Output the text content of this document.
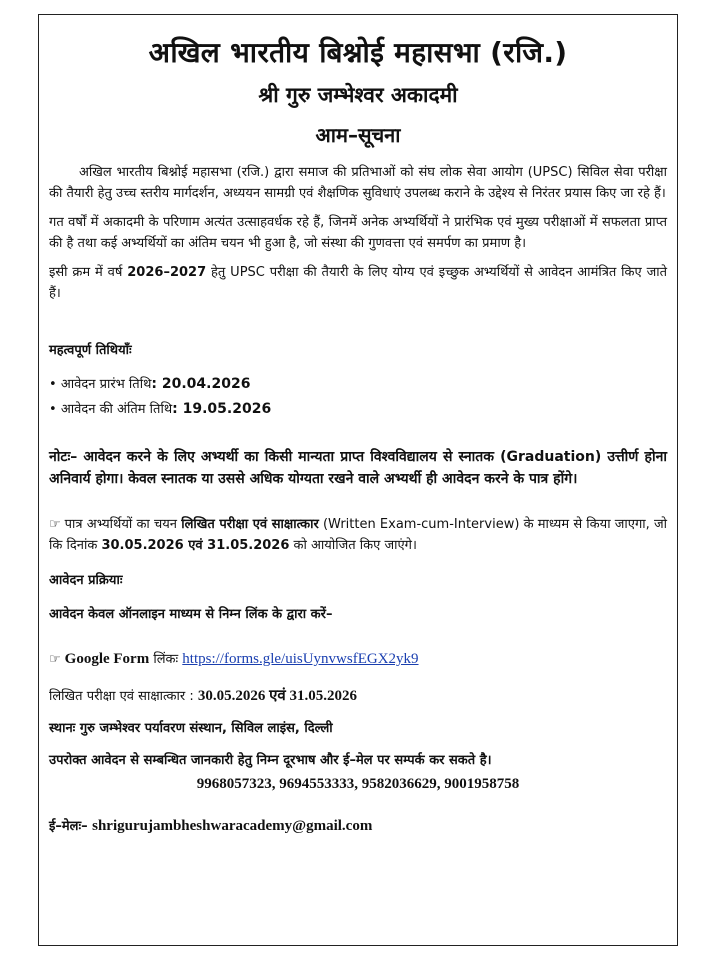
अखिल भारतीय बिश्नोई महासभा (रजि.)
श्री गुरु जम्भेश्वर अकादमी
आम–सूचना

अखिल भारतीय बिश्नोई महासभा (रजि.) द्वारा समाज की प्रतिभाओं को संघ लोक सेवा आयोग (UPSC) सिविल सेवा परीक्षा की तैयारी हेतु उच्च स्तरीय मार्गदर्शन, अध्ययन सामग्री एवं शैक्षणिक सुविधाएं उपलब्ध कराने के उद्देश्य से निरंतर प्रयास किए जा रहे हैं।

गत वर्षों में अकादमी के परिणाम अत्यंत उत्साहवर्धक रहे हैं, जिनमें अनेक अभ्यर्थियों ने प्रारंभिक एवं मुख्य परीक्षाओं में सफलता प्राप्त की है तथा कई अभ्यर्थियों का अंतिम चयन भी हुआ है, जो संस्था की गुणवत्ता एवं समर्पण का प्रमाण है।

इसी क्रम में वर्ष 2026–2027 हेतु UPSC परीक्षा की तैयारी के लिए योग्य एवं इच्छुक अभ्यर्थियों से आवेदन आमंत्रित किए जाते हैं।

महत्वपूर्ण तिथियाँः
• आवेदन प्रारंभ तिथि: 20.04.2026
• आवेदन की अंतिम तिथि: 19.05.2026
नोटः– आवेदन करने के लिए अभ्यर्थी का किसी मान्यता प्राप्त विश्वविद्यालय से स्नातक (Graduation) उत्तीर्ण होना अनिवार्य होगा। केवल स्नातक या उससे अधिक योग्यता रखने वाले अभ्यर्थी ही आवेदन करने के पात्र होंगे।

☞ पात्र अभ्यर्थियों का चयन लिखित परीक्षा एवं साक्षात्कार (Written Exam-cum-Interview) के माध्यम से किया जाएगा, जो कि दिनांक 30.05.2026 एवं 31.05.2026 को आयोजित किए जाएंगे।

आवेदन प्रक्रियाः
आवेदन केवल ऑनलाइन माध्यम से निम्न लिंक के द्वारा करें–
☞ Google Form लिंकः https://forms.gle/uisUynvwsfEGX2yk9
लिखित परीक्षा एवं साक्षात्कार : 30.05.2026 एवं 31.05.2026
स्थानः गुरु जम्भेश्वर पर्यावरण संस्थान, सिविल लाइंस, दिल्ली
उपरोक्त आवेदन से सम्बन्धित जानकारी हेतु निम्न दूरभाष और ई–मेल पर सम्पर्क कर सकते है।
9968057323, 9694553333, 9582036629, 9001958758
ई–मेलः– shrigurujambheshwaracademy@gmail.com
